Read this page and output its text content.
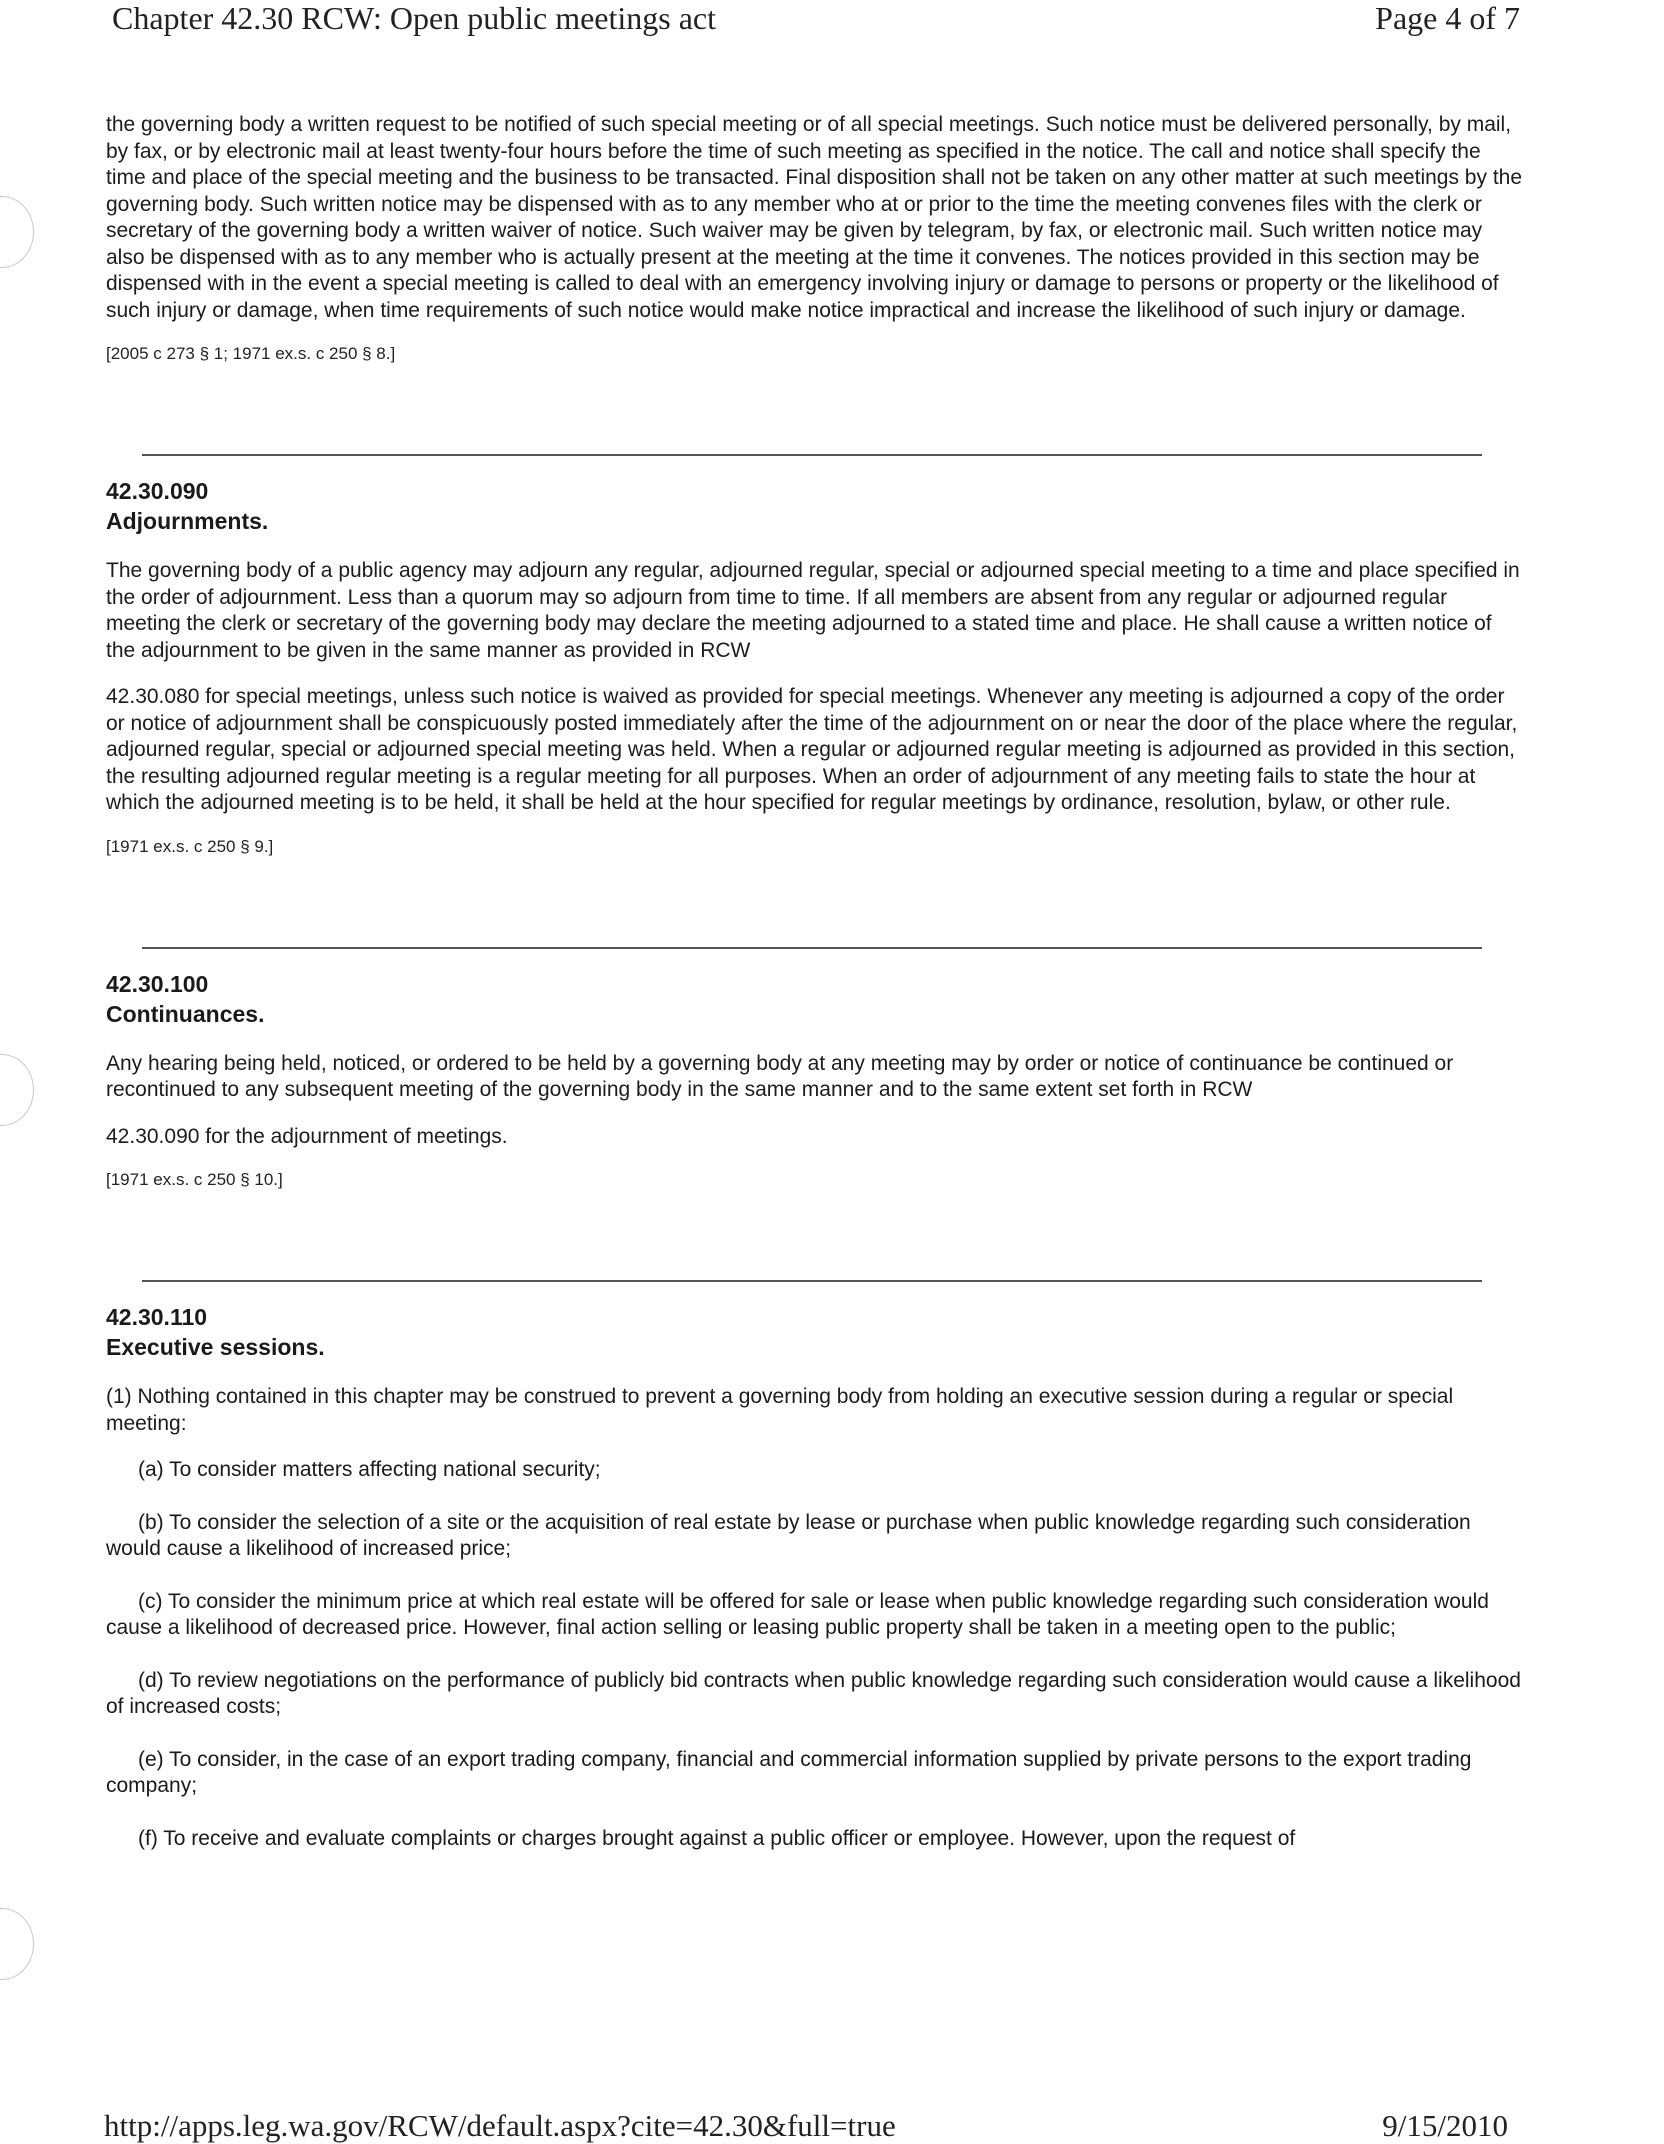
Chapter 42.30 RCW: Open public meetings act	Page 4 of 7

the governing body a written request to be notified of such special meeting or of all special meetings. Such notice must be delivered personally, by mail, by fax, or by electronic mail at least twenty-four hours before the time of such meeting as specified in the notice. The call and notice shall specify the time and place of the special meeting and the business to be transacted. Final disposition shall not be taken on any other matter at such meetings by the governing body. Such written notice may be dispensed with as to any member who at or prior to the time the meeting convenes files with the clerk or secretary of the governing body a written waiver of notice. Such waiver may be given by telegram, by fax, or electronic mail. Such written notice may also be dispensed with as to any member who is actually present at the meeting at the time it convenes. The notices provided in this section may be dispensed with in the event a special meeting is called to deal with an emergency involving injury or damage to persons or property or the likelihood of such injury or damage, when time requirements of such notice would make notice impractical and increase the likelihood of such injury or damage.

[2005 c 273 § 1; 1971 ex.s. c 250 § 8.]

42.30.090

Adjournments.

The governing body of a public agency may adjourn any regular, adjourned regular, special or adjourned special meeting to a time and place specified in the order of adjournment. Less than a quorum may so adjourn from time to time. If all members are absent from any regular or adjourned regular meeting the clerk or secretary of the governing body may declare the meeting adjourned to a stated time and place. He shall cause a written notice of the adjournment to be given in the same manner as provided in RCW

42.30.080 for special meetings, unless such notice is waived as provided for special meetings. Whenever any meeting is adjourned a copy of the order or notice of adjournment shall be conspicuously posted immediately after the time of the adjournment on or near the door of the place where the regular, adjourned regular, special or adjourned special meeting was held. When a regular or adjourned regular meeting is adjourned as provided in this section, the resulting adjourned regular meeting is a regular meeting for all purposes. When an order of adjournment of any meeting fails to state the hour at which the adjourned meeting is to be held, it shall be held at the hour specified for regular meetings by ordinance, resolution, bylaw, or other rule.

[1971 ex.s. c 250 § 9.]

42.30.100

Continuances.

Any hearing being held, noticed, or ordered to be held by a governing body at any meeting may by order or notice of continuance be continued or recontinued to any subsequent meeting of the governing body in the same manner and to the same extent set forth in RCW

42.30.090 for the adjournment of meetings.

[1971 ex.s. c 250 § 10.]

42.30.110

Executive sessions.

(1) Nothing contained in this chapter may be construed to prevent a governing body from holding an executive session during a regular or special meeting:

(a) To consider matters affecting national security;

(b) To consider the selection of a site or the acquisition of real estate by lease or purchase when public knowledge regarding such consideration would cause a likelihood of increased price;

(c) To consider the minimum price at which real estate will be offered for sale or lease when public knowledge regarding such consideration would cause a likelihood of decreased price. However, final action selling or leasing public property shall be taken in a meeting open to the public;

(d) To review negotiations on the performance of publicly bid contracts when public knowledge regarding such consideration would cause a likelihood of increased costs;

(e) To consider, in the case of an export trading company, financial and commercial information supplied by private persons to the export trading company;

(f) To receive and evaluate complaints or charges brought against a public officer or employee. However, upon the request of

http://apps.leg.wa.gov/RCW/default.aspx?cite=42.30&full=true	9/15/2010
